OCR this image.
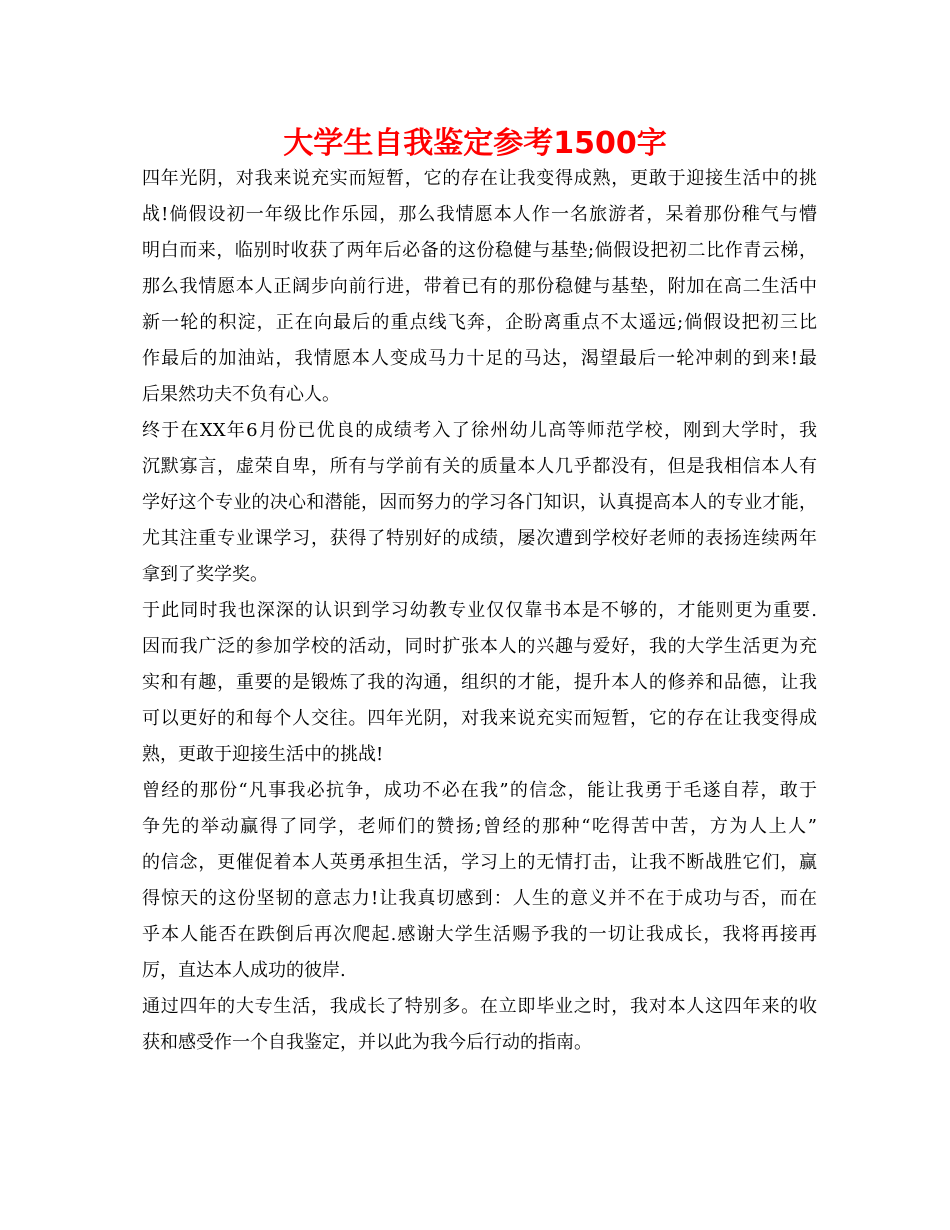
大学生自我鉴定参考1500字
四年光阴，对我来说充实而短暂，它的存在让我变得成熟，更敢于迎接生活中的挑
战!倘假设初一年级比作乐园，那么我情愿本人作一名旅游者，呆着那份稚气与懵
明白而来，临别时收获了两年后必备的这份稳健与基垫;倘假设把初二比作青云梯，
那么我情愿本人正阔步向前行进，带着已有的那份稳健与基垫，附加在高二生活中
新一轮的积淀，正在向最后的重点线飞奔，企盼离重点不太遥远;倘假设把初三比
作最后的加油站，我情愿本人变成马力十足的马达，渴望最后一轮冲刺的到来!最
后果然功夫不负有心人。
终于在XX年6月份已优良的成绩考入了徐州幼儿高等师范学校，刚到大学时，我
沉默寡言，虚荣自卑，所有与学前有关的质量本人几乎都没有，但是我相信本人有
学好这个专业的决心和潜能，因而努力的学习各门知识，认真提高本人的专业才能，
尤其注重专业课学习，获得了特别好的成绩，屡次遭到学校好老师的表扬连续两年
拿到了奖学奖。
于此同时我也深深的认识到学习幼教专业仅仅靠书本是不够的，才能则更为重要.
因而我广泛的参加学校的活动，同时扩张本人的兴趣与爱好，我的大学生活更为充
实和有趣，重要的是锻炼了我的沟通，组织的才能，提升本人的修养和品德，让我
可以更好的和每个人交往。四年光阴，对我来说充实而短暂，它的存在让我变得成
熟，更敢于迎接生活中的挑战!
曾经的那份“凡事我必抗争，成功不必在我”的信念，能让我勇于毛遂自荐，敢于
争先的举动赢得了同学，老师们的赞扬;曾经的那种“吃得苦中苦，方为人上人”
的信念，更催促着本人英勇承担生活，学习上的无情打击，让我不断战胜它们，赢
得惊天的这份坚韧的意志力!让我真切感到：人生的意义并不在于成功与否，而在
乎本人能否在跌倒后再次爬起.感谢大学生活赐予我的一切让我成长，我将再接再
厉，直达本人成功的彼岸.
通过四年的大专生活，我成长了特别多。在立即毕业之时，我对本人这四年来的收
获和感受作一个自我鉴定，并以此为我今后行动的指南。
